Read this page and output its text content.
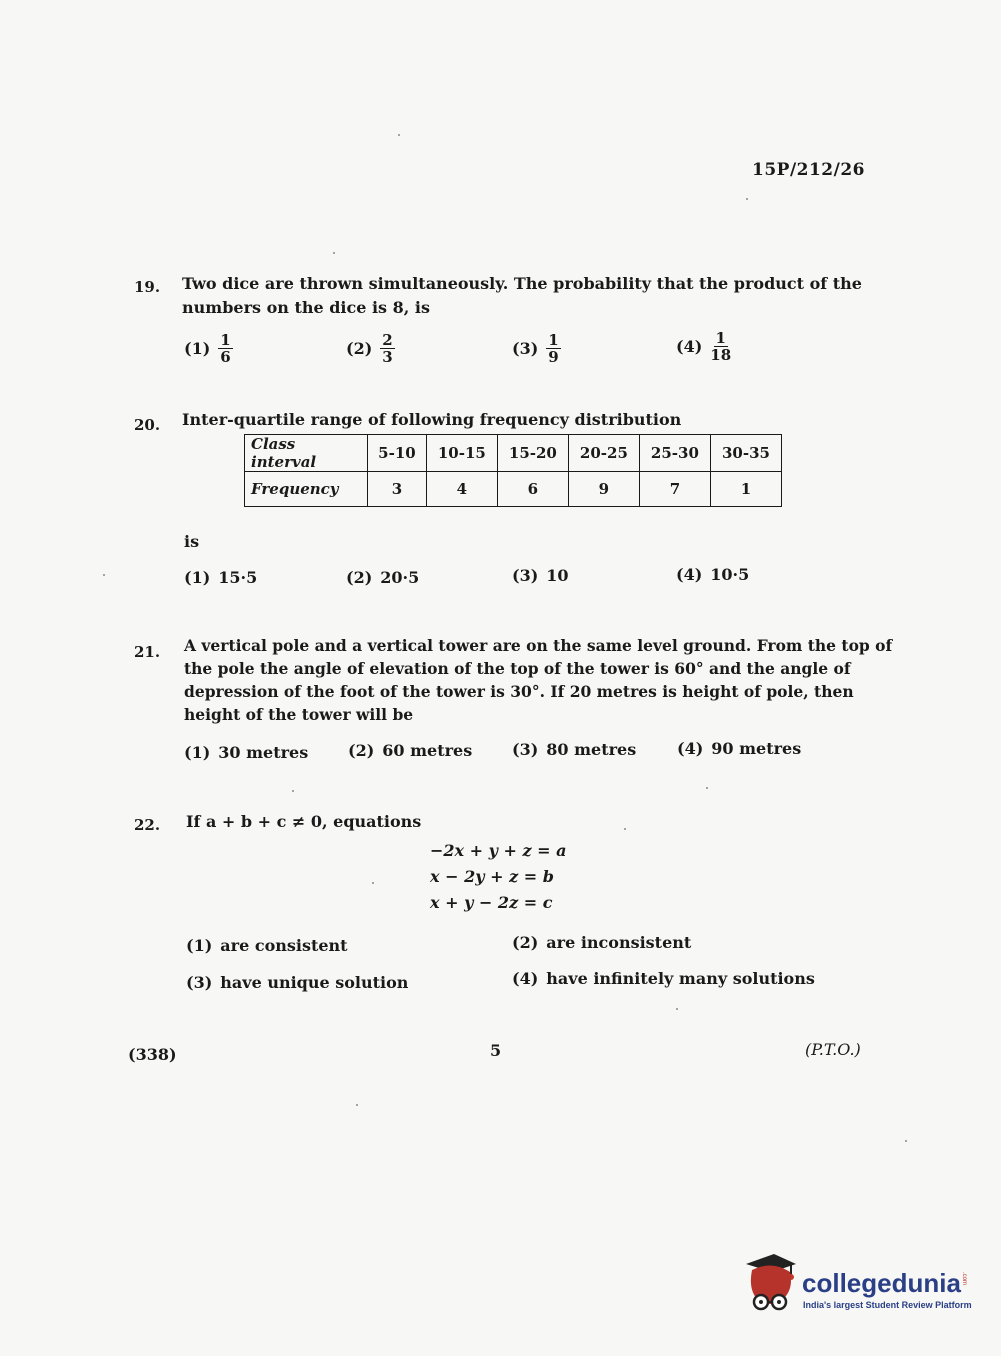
15P/212/26
19. Two dice are thrown simultaneously. The probability that the product of the
numbers on the dice is 8, is
$(1) \frac{1}{6}$	$(2) \frac{2}{3}$	$(3) \frac{1}{9}$	$(4) \frac{1}{18}$
20. Inter-quartile range of following frequency distribution
Class interval	5-10	10-15	15-20	20-25	25-30	30-35
Frequency	3	4	6	9	7	1
is
(1) 15·5	(2) 20·5	(3) 10	(4) 10·5
21. A vertical pole and a vertical tower are on the same level ground. From the top of
the pole the angle of elevation of the top of the tower is 60° and the angle of
depression of the foot of the tower is 30°. If 20 metres is height of pole, then
height of the tower will be
(1) 30 metres (2) 60 metres (3) 80 metres	(4) 90 metres
22. If a + b + c ≠ 0, equations
−2x + y + z = a
x − 2y + z = b
x + y − 2z = c
(1) are consistent	(2) are inconsistent
(3) have unique solution	(4) have infinitely many solutions
(338)	5	(P.T.O.)
collegedunia .com
India's largest Student Review Platform
